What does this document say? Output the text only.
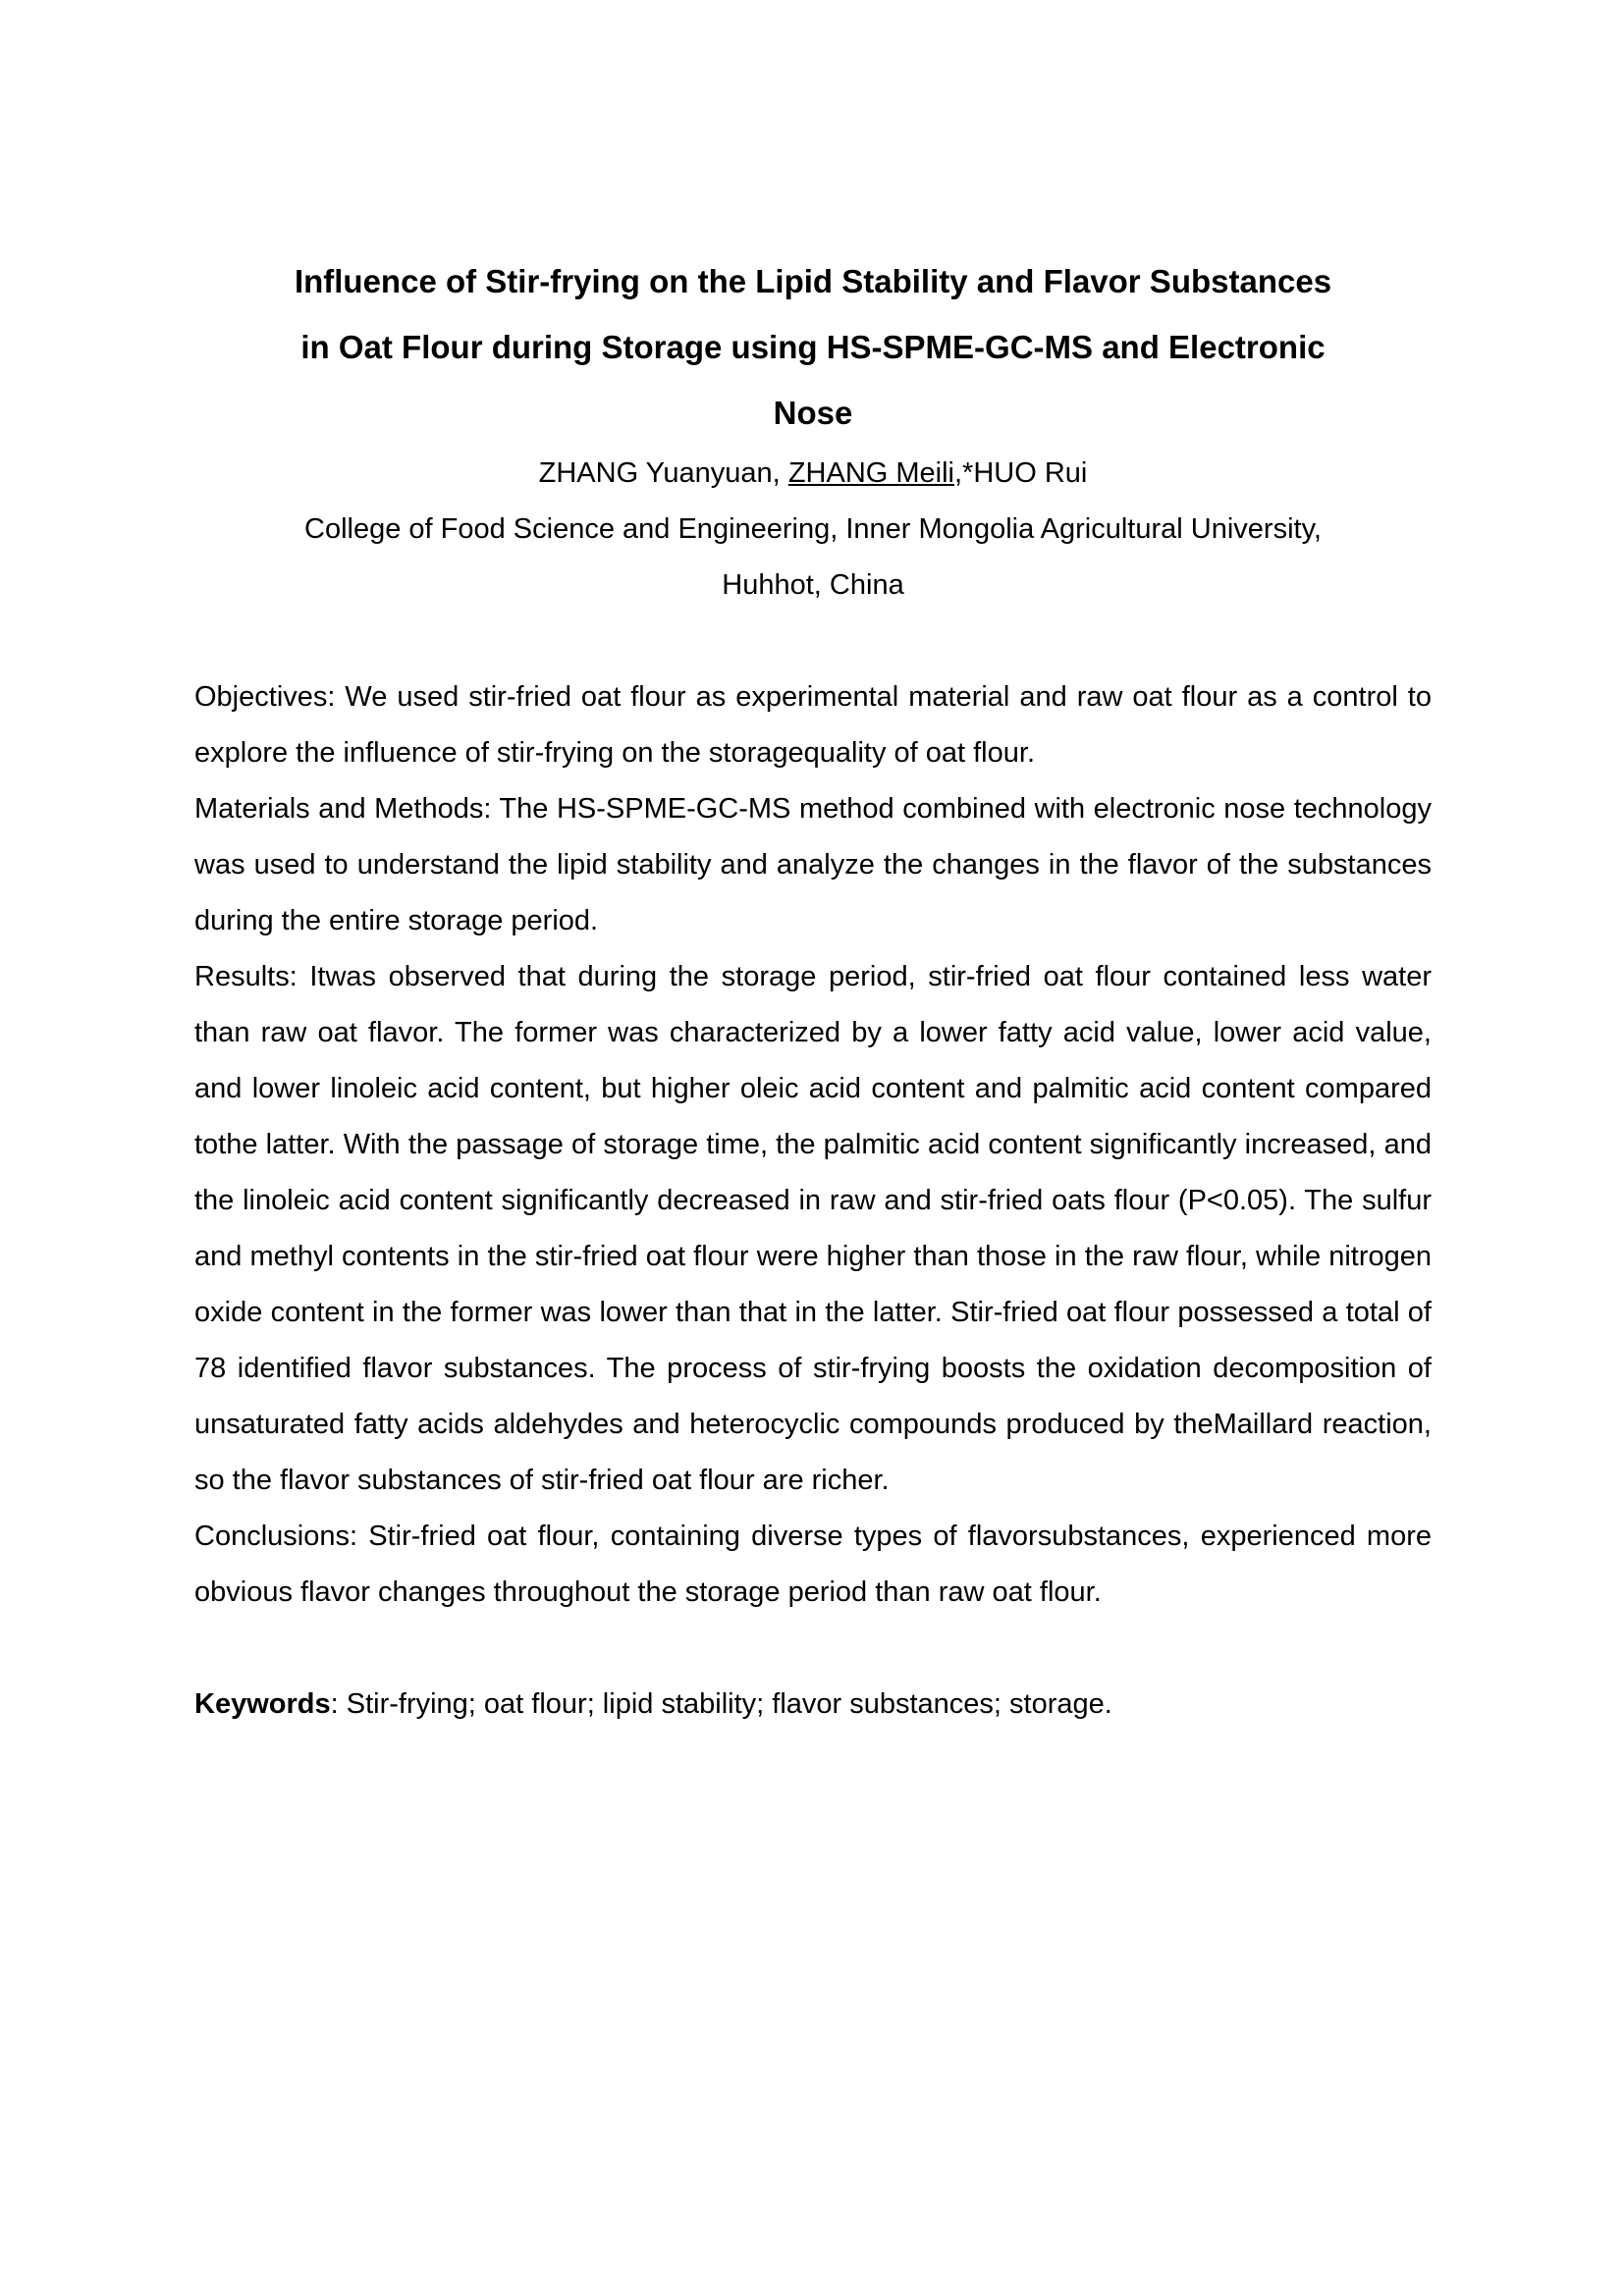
Influence of Stir-frying on the Lipid Stability and Flavor Substances
in Oat Flour during Storage using HS-SPME-GC-MS and Electronic
Nose
ZHANG Yuanyuan, ZHANG Meili,*HUO Rui
College of Food Science and Engineering, Inner Mongolia Agricultural University,
Huhhot, China

Objectives: We used stir-fried oat flour as experimental material and raw oat flour as a control to explore the influence of stir-frying on the storagequality of oat flour.

Materials and Methods: The HS-SPME-GC-MS method combined with electronic nose technology was used to understand the lipid stability and analyze the changes in the flavor of the substances during the entire storage period.

Results: Itwas observed that during the storage period, stir-fried oat flour contained less water than raw oat flavor. The former was characterized by a lower fatty acid value, lower acid value, and lower linoleic acid content, but higher oleic acid content and palmitic acid content compared tothe latter. With the passage of storage time, the palmitic acid content significantly increased, and the linoleic acid content significantly decreased in raw and stir-fried oats flour (P<0.05). The sulfur and methyl contents in the stir-fried oat flour were higher than those in the raw flour, while nitrogen oxide content in the former was lower than that in the latter. Stir-fried oat flour possessed a total of 78 identified flavor substances. The process of stir-frying boosts the oxidation decomposition of unsaturated fatty acids aldehydes and heterocyclic compounds produced by theMaillard reaction, so the flavor substances of stir-fried oat flour are richer.

Conclusions: Stir-fried oat flour, containing diverse types of flavorsubstances, experienced more obvious flavor changes throughout the storage period than raw oat flour.

Keywords: Stir-frying; oat flour; lipid stability; flavor substances; storage.
